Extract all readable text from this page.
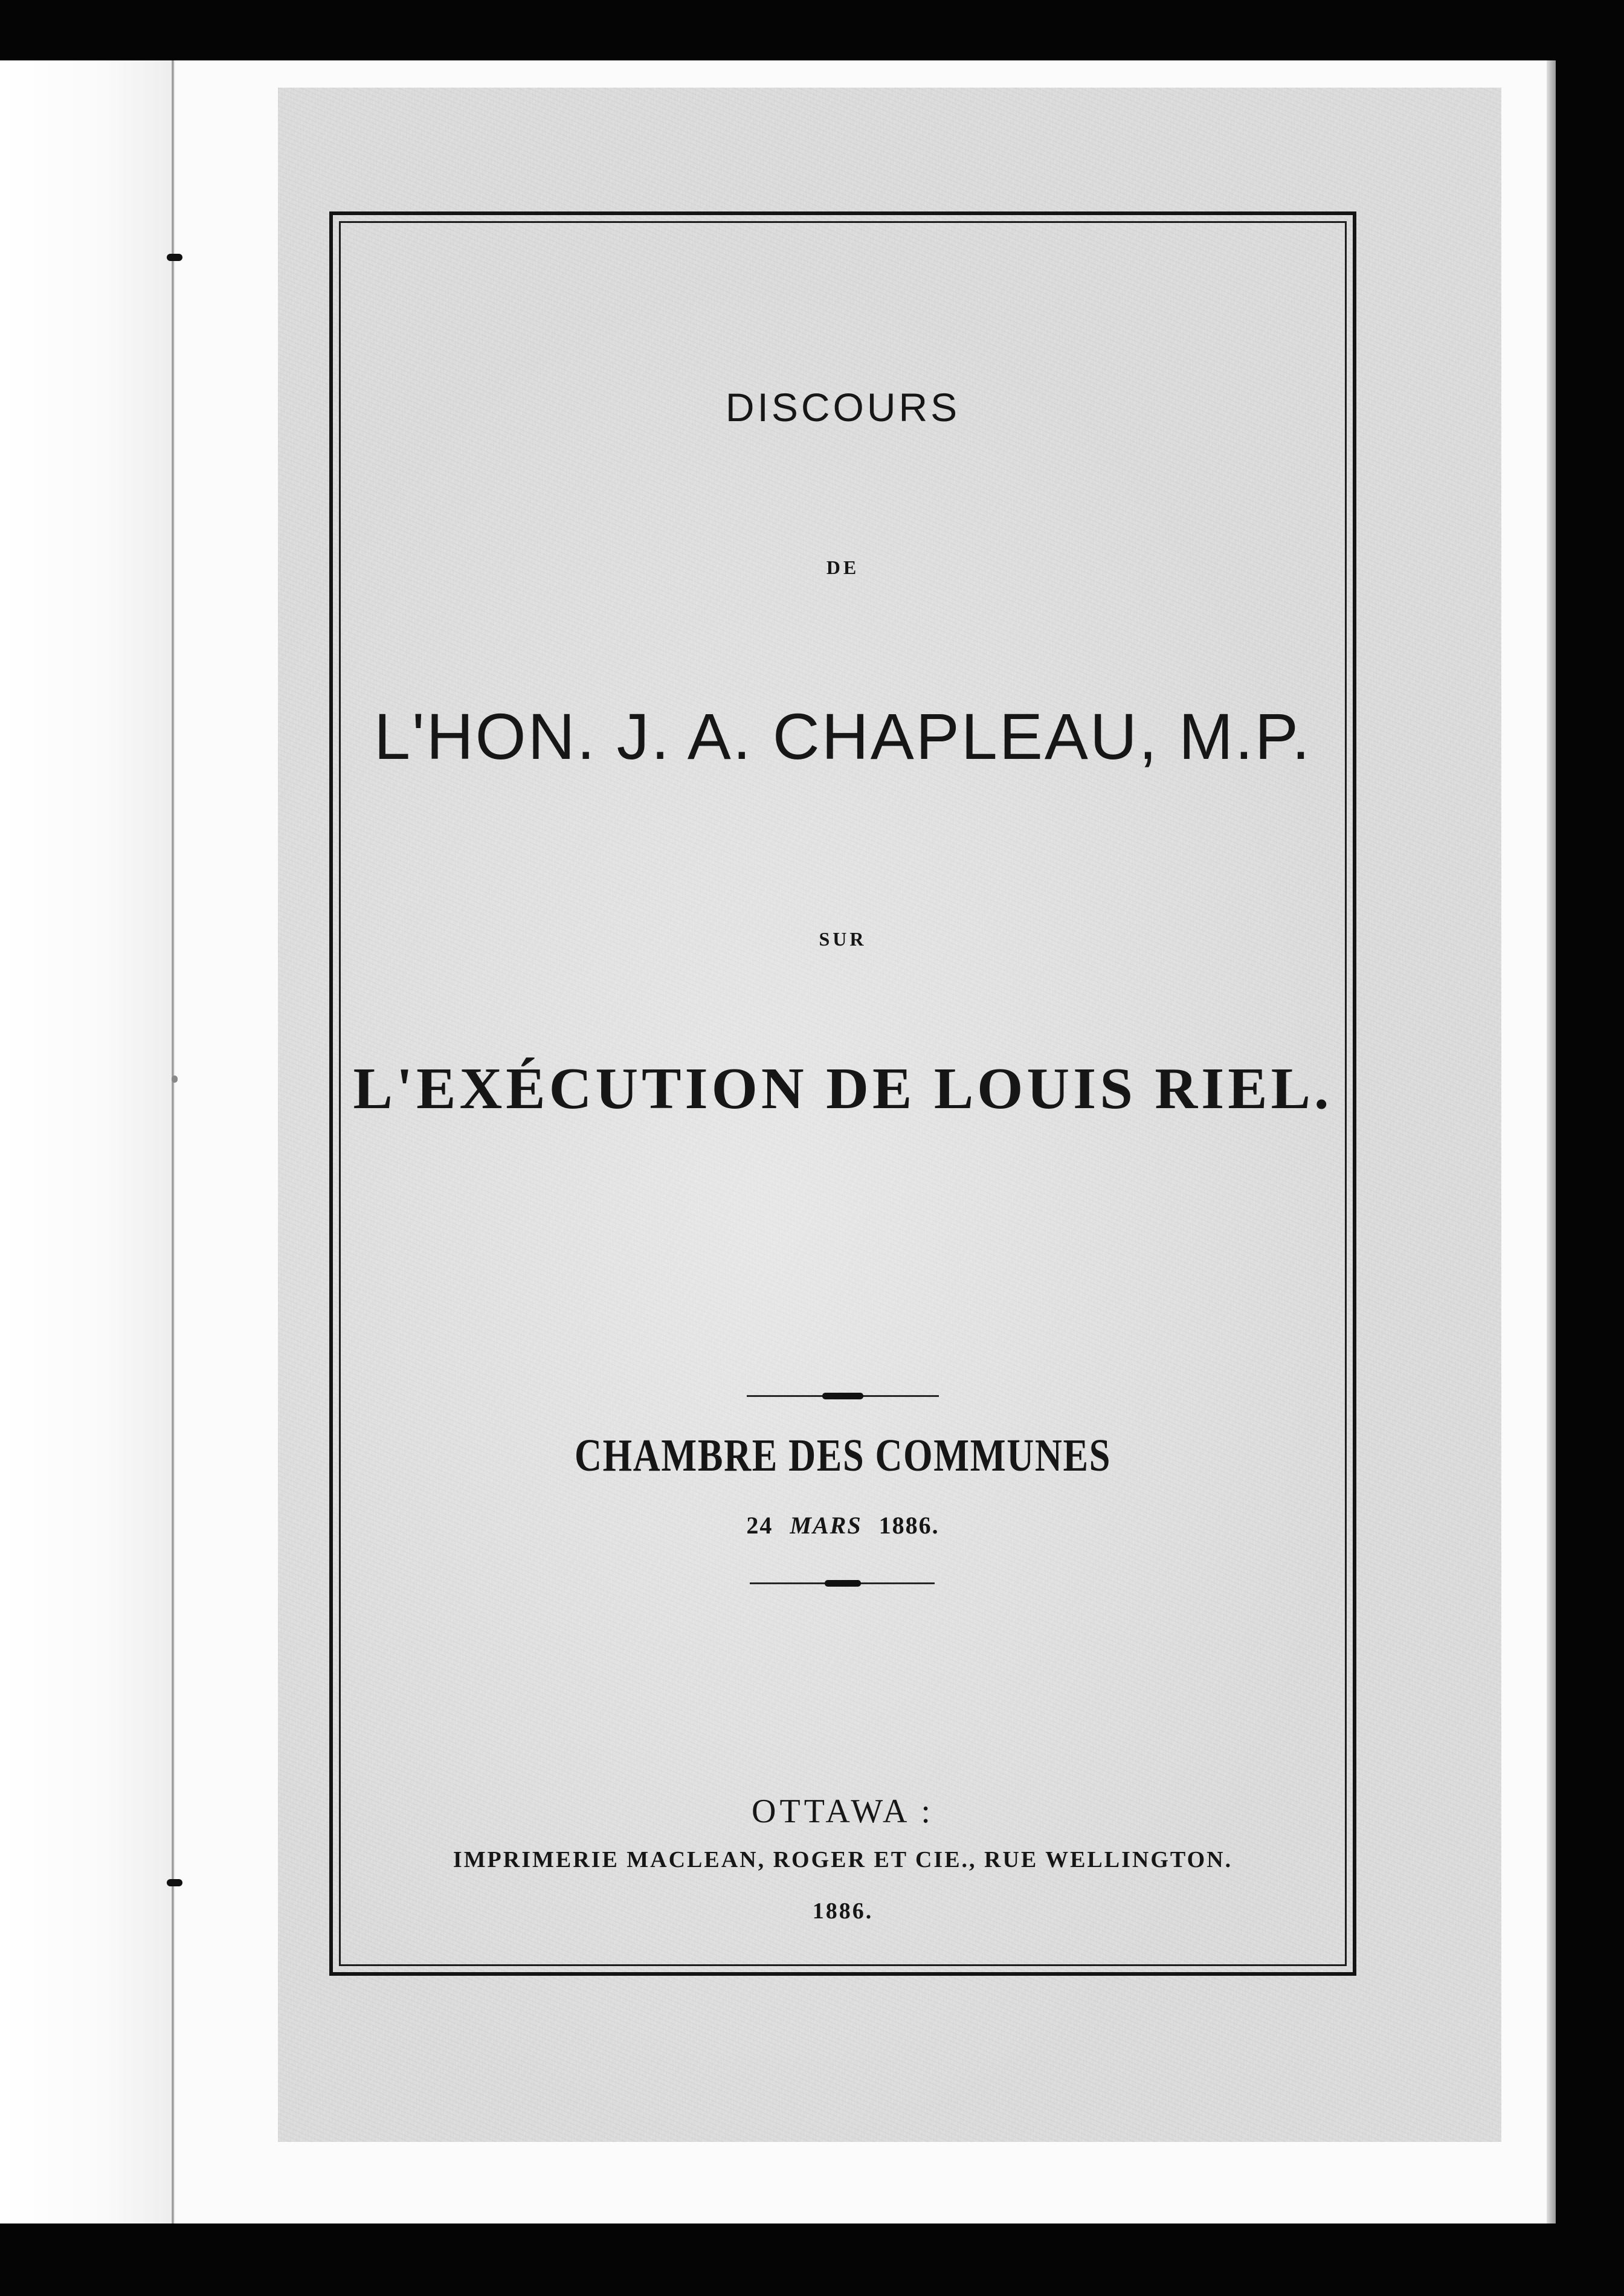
DISCOURS

DE

L'HON. J. A. CHAPLEAU, M.P.

SUR

L'EXÉCUTION DE LOUIS RIEL.

CHAMBRE DES COMMUNES

24 MARS 1886.

OTTAWA :

IMPRIMERIE MACLEAN, ROGER ET CIE., RUE WELLINGTON.

1886.
